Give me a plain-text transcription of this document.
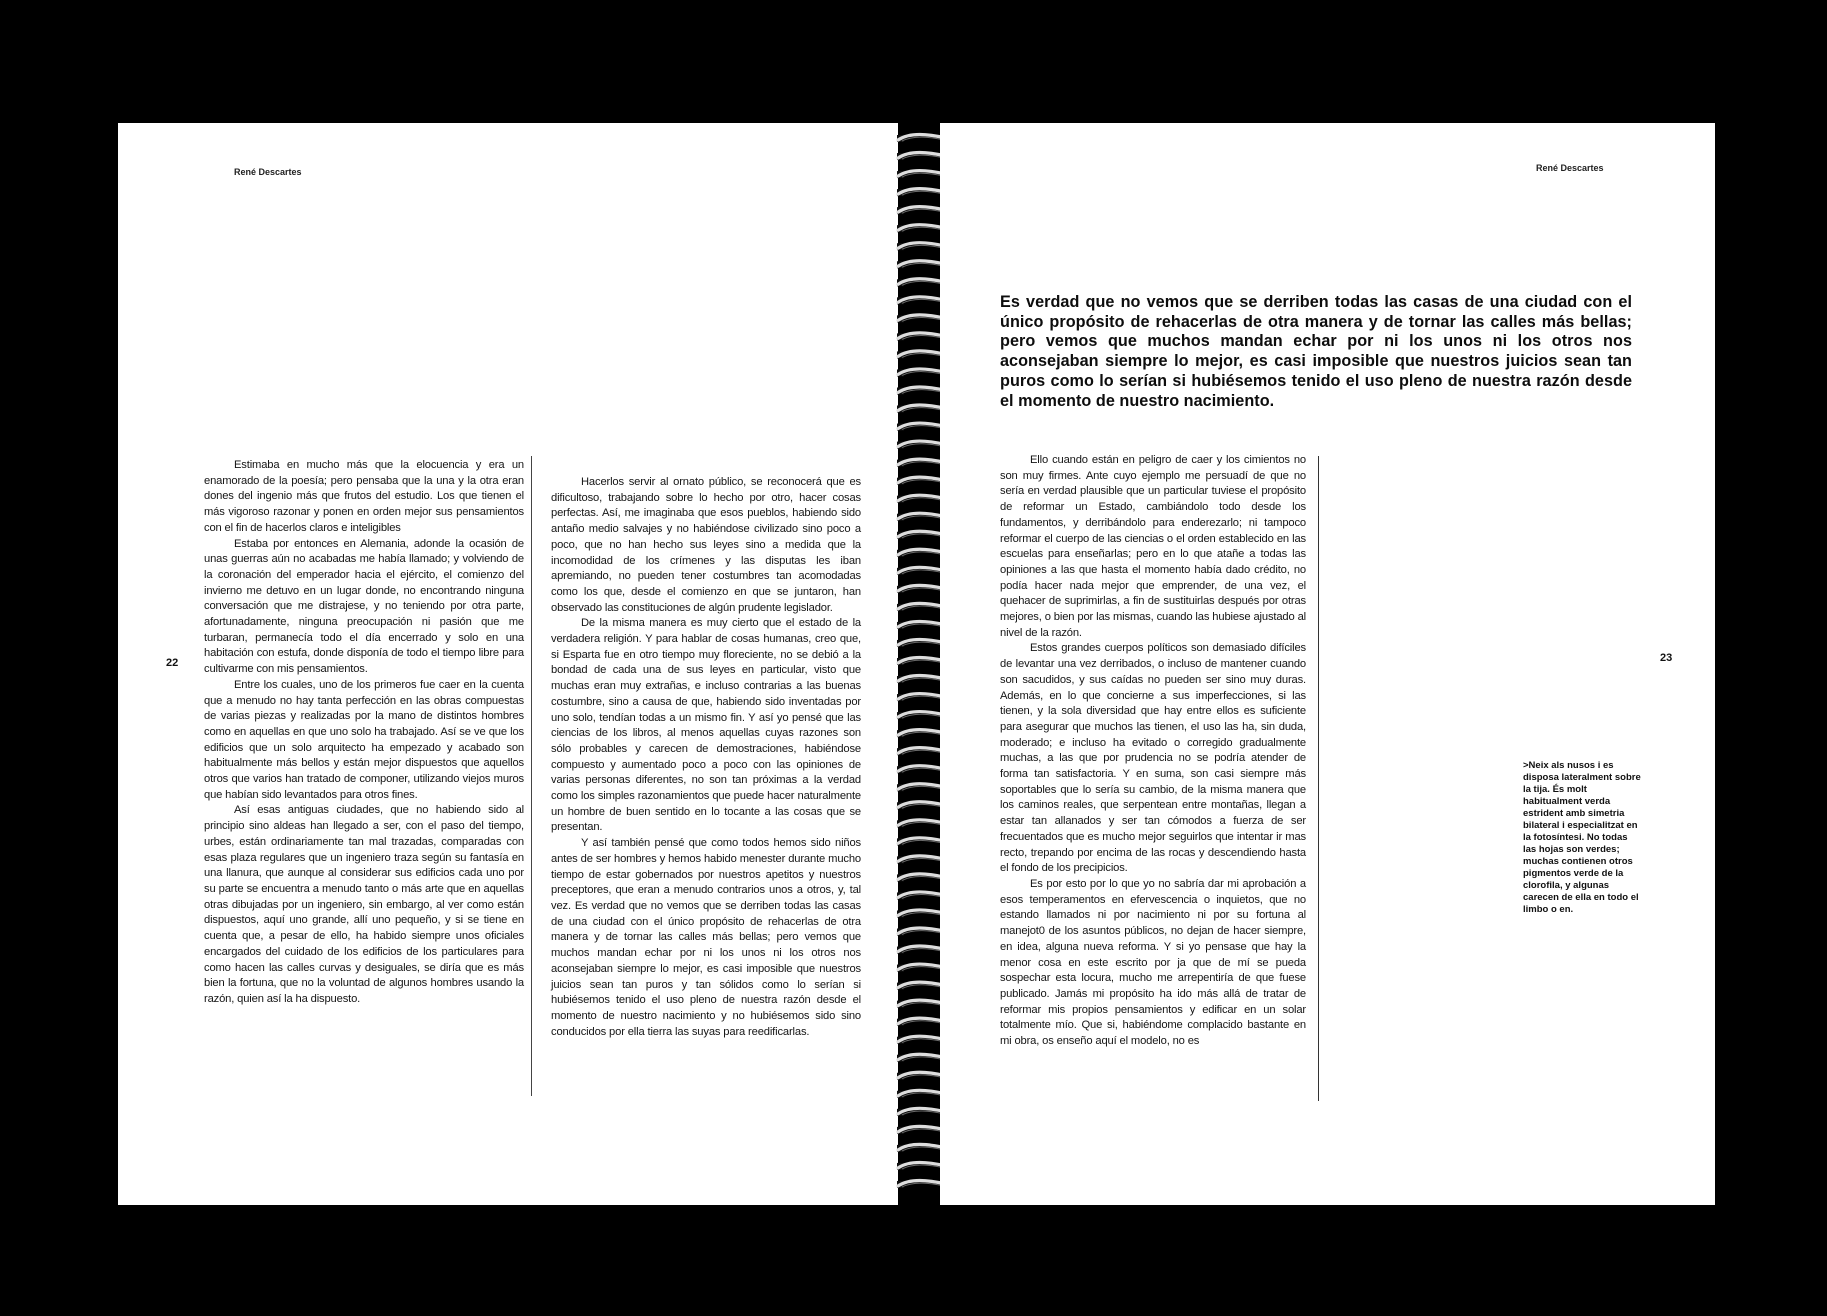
René Descartes
22

Estimaba en mucho más que la elocuencia y era un enamorado de la poesía; pero pensaba que la una y la otra eran dones del ingenio más que frutos del estudio. Los que tienen el más vigoroso razonar y ponen en orden mejor sus pensamientos con el fin de hacerlos claros e inteligibles

Estaba por entonces en Alemania, adonde la ocasión de unas guerras aún no acabadas me había llamado; y volviendo de la coronación del emperador hacia el ejército, el comienzo del invierno me detuvo en un lugar donde, no encontrando ninguna conversación que me distrajese, y no teniendo por otra parte, afortunadamente, ninguna preocupación ni pasión que me turbaran, permanecía todo el día encerrado y solo en una habitación con estufa, donde disponía de todo el tiempo libre para cultivarme con mis pensamientos.

Entre los cuales, uno de los primeros fue caer en la cuenta que a menudo no hay tanta perfección en las obras compuestas de varias piezas y realizadas por la mano de distintos hombres como en aquellas en que uno solo ha trabajado. Así se ve que los edificios que un solo arquitecto ha empezado y acabado son habitualmente más bellos y están mejor dispuestos que aquellos otros que varios han tratado de componer, utilizando viejos muros que habían sido levantados para otros fines.

Así esas antiguas ciudades, que no habiendo sido al principio sino aldeas han llegado a ser, con el paso del tiempo, urbes, están ordinariamente tan mal trazadas, comparadas con esas plaza regulares que un ingeniero traza según su fantasía en una llanura, que aunque al considerar sus edificios cada uno por su parte se encuentra a menudo tanto o más arte que en aquellas otras dibujadas por un ingeniero, sin embargo, al ver como están dispuestos, aquí uno grande, allí uno pequeño, y si se tiene en cuenta que, a pesar de ello, ha habido siempre unos oficiales encargados del cuidado de los edificios de los particulares para como hacen las calles curvas y desiguales, se diría que es más bien la fortuna, que no la voluntad de algunos hombres usando la razón, quien así la ha dispuesto.

Hacerlos servir al ornato público, se reconocerá que es dificultoso, trabajando sobre lo hecho por otro, hacer cosas perfectas. Así, me imaginaba que esos pueblos, habiendo sido antaño medio salvajes y no habiéndose civilizado sino poco a poco, que no han hecho sus leyes sino a medida que la incomodidad de los crímenes y las disputas les iban apremiando, no pueden tener costumbres tan acomodadas como los que, desde el comienzo en que se juntaron, han observado las constituciones de algún prudente legislador.

De la misma manera es muy cierto que el estado de la verdadera religión. Y para hablar de cosas humanas, creo que, si Esparta fue en otro tiempo muy floreciente, no se debió a la bondad de cada una de sus leyes en particular, visto que muchas eran muy extrañas, e incluso contrarias a las buenas costumbre, sino a causa de que, habiendo sido inventadas por uno solo, tendían todas a un mismo fin. Y así yo pensé que las ciencias de los libros, al menos aquellas cuyas razones son sólo probables y carecen de demostraciones, habiéndose compuesto y aumentado poco a poco con las opiniones de varias personas diferentes, no son tan próximas a la verdad como los simples razonamientos que puede hacer naturalmente un hombre de buen sentido en lo tocante a las cosas que se presentan.

Y así también pensé que como todos hemos sido niños antes de ser hombres y hemos habido menester durante mucho tiempo de estar gobernados por nuestros apetitos y nuestros preceptores, que eran a menudo contrarios unos a otros, y, tal vez. Es verdad que no vemos que se derriben todas las casas de una ciudad con el único propósito de rehacerlas de otra manera y de tornar las calles más bellas; pero vemos que muchos mandan echar por ni los unos ni los otros nos aconsejaban siempre lo mejor, es casi imposible que nuestros juicios sean tan puros y tan sólidos como lo serían si hubiésemos tenido el uso pleno de nuestra razón desde el momento de nuestro nacimiento y no hubiésemos sido sino conducidos por ella tierra las suyas para reedificarlas.

René Descartes
23
Es verdad que no vemos que se derriben todas las casas de una ciudad con el único propósito de rehacerlas de otra manera y de tornar las calles más bellas; pero vemos que muchos mandan echar por ni los unos ni los otros nos aconsejaban siempre lo mejor, es casi imposible que nuestros juicios sean tan puros como lo serían si hubiésemos tenido el uso pleno de nuestra razón desde el momento de nuestro nacimiento.

Ello cuando están en peligro de caer y los cimientos no son muy firmes. Ante cuyo ejemplo me persuadí de que no sería en verdad plausible que un particular tuviese el propósito de reformar un Estado, cambiándolo todo desde los fundamentos, y derribándolo para enderezarlo; ni tampoco reformar el cuerpo de las ciencias o el orden establecido en las escuelas para enseñarlas; pero en lo que atañe a todas las opiniones a las que hasta el momento había dado crédito, no podía hacer nada mejor que emprender, de una vez, el quehacer de suprimirlas, a fin de sustituirlas después por otras mejores, o bien por las mismas, cuando las hubiese ajustado al nivel de la razón.

Estos grandes cuerpos políticos son demasiado difíciles de levantar una vez derribados, o incluso de mantener cuando son sacudidos, y sus caídas no pueden ser sino muy duras. Además, en lo que concierne a sus imperfecciones, si las tienen, y la sola diversidad que hay entre ellos es suficiente para asegurar que muchos las tienen, el uso las ha, sin duda, moderado; e incluso ha evitado o corregido gradualmente muchas, a las que por prudencia no se podría atender de forma tan satisfactoria. Y en suma, son casi siempre más soportables que lo sería su cambio, de la misma manera que los caminos reales, que serpentean entre montañas, llegan a estar tan allanados y ser tan cómodos a fuerza de ser frecuentados que es mucho mejor seguirlos que intentar ir mas recto, trepando por encima de las rocas y descendiendo hasta el fondo de los precipicios.

Es por esto por lo que yo no sabría dar mi aprobación a esos temperamentos en efervescencia o inquietos, que no estando llamados ni por nacimiento ni por su fortuna al manejot0 de los asuntos públicos, no dejan de hacer siempre, en idea, alguna nueva reforma. Y si yo pensase que hay la menor cosa en este escrito por ja que de mí se pueda sospechar esta locura, mucho me arrepentiría de que fuese publicado. Jamás mi propósito ha ido más allá de tratar de reformar mis propios pensamientos y edificar en un solar totalmente mío. Que si, habiéndome complacido bastante en mi obra, os enseño aquí el modelo, no es

>Neix als nusos i es disposa lateralment sobre la tija. És molt habitualment verda estrident amb simetria bilateral i especialitzat en la fotosíntesi. No todas las hojas son verdes; muchas contienen otros pigmentos verde de la clorofila, y algunas carecen de ella en todo el limbo o en.
